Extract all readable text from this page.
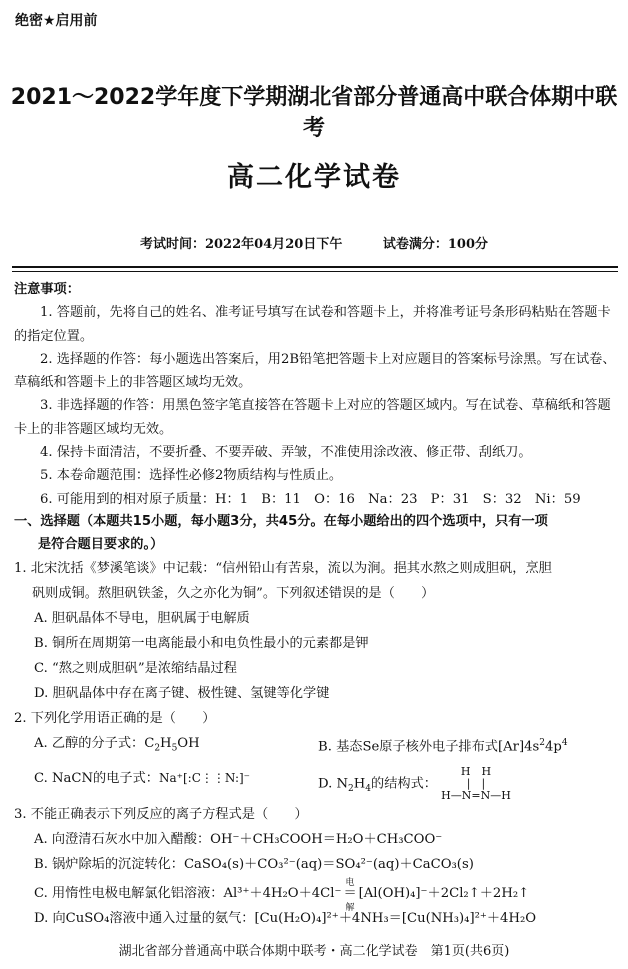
绝密★启用前
2021～2022学年度下学期湖北省部分普通高中联合体期中联考
高二化学试卷
考试时间：2022年04月20日下午	试卷满分：100分
注意事项：
1. 答题前，先将自己的姓名、准考证号填写在试卷和答题卡上，并将准考证号条形码粘贴在答题卡的指定位置。
2. 选择题的作答：每小题选出答案后，用2B铅笔把答题卡上对应题目的答案标号涂黑。写在试卷、草稿纸和答题卡上的非答题区域均无效。
3. 非选择题的作答：用黑色签字笔直接答在答题卡上对应的答题区域内。写在试卷、草稿纸和答题卡上的非答题区域均无效。
4. 保持卡面清洁，不要折叠、不要弄破、弄皱，不准使用涂改液、修正带、刮纸刀。
5. 本卷命题范围：选择性必修2物质结构与性质止。
6. 可能用到的相对原子质量：H：1　B：11　O：16　Na：23　P：31　S：32　Ni：59
一、选择题（本题共15小题，每小题3分，共45分。在每小题给出的四个选项中，只有一项
是符合题目要求的。）
1. 北宋沈括《梦溪笔谈》中记载：“信州铅山有苦泉，流以为涧。挹其水熬之则成胆矾，烹胆
矾则成铜。熬胆矾铁釜，久之亦化为铜”。下列叙述错误的是（　　）
A. 胆矾晶体不导电，胆矾属于电解质
B. 铜所在周期第一电离能最小和电负性最小的元素都是钾
C. “熬之则成胆矾”是浓缩结晶过程
D. 胆矾晶体中存在离子键、极性键、氢键等化学键
2. 下列化学用语正确的是（　　）
A. 乙醇的分子式：$C_2H_5OH$	B. 基态Se原子核外电子排布式$[Ar]4s^24p^4$
C. NaCN的电子式：Na⁺[:C⋮⋮N:]⁻	D. $N_2H_4$的结构式： H　H
|　|
H—N=N—H
3. 不能正确表示下列反应的离子方程式是（　　）
A. 向澄清石灰水中加入醋酸：OH⁻＋CH₃COOH＝H₂O＋CH₃COO⁻
B. 锅炉除垢的沉淀转化：CaSO₄(s)＋CO₃²⁻(aq)＝SO₄²⁻(aq)＋CaCO₃(s)
C. 用惰性电极电解氯化铝溶液：Al³⁺＋4H₂O＋4Cl⁻
电解
＝ [Al(OH)₄]⁻＋2Cl₂↑＋2H₂↑
D. 向CuSO₄溶液中通入过量的氨气：[Cu(H₂O)₄]²⁺＋4NH₃＝[Cu(NH₃)₄]²⁺＋4H₂O
湖北省部分普通高中联合体期中联考・高二化学试卷　第1页(共6页)
